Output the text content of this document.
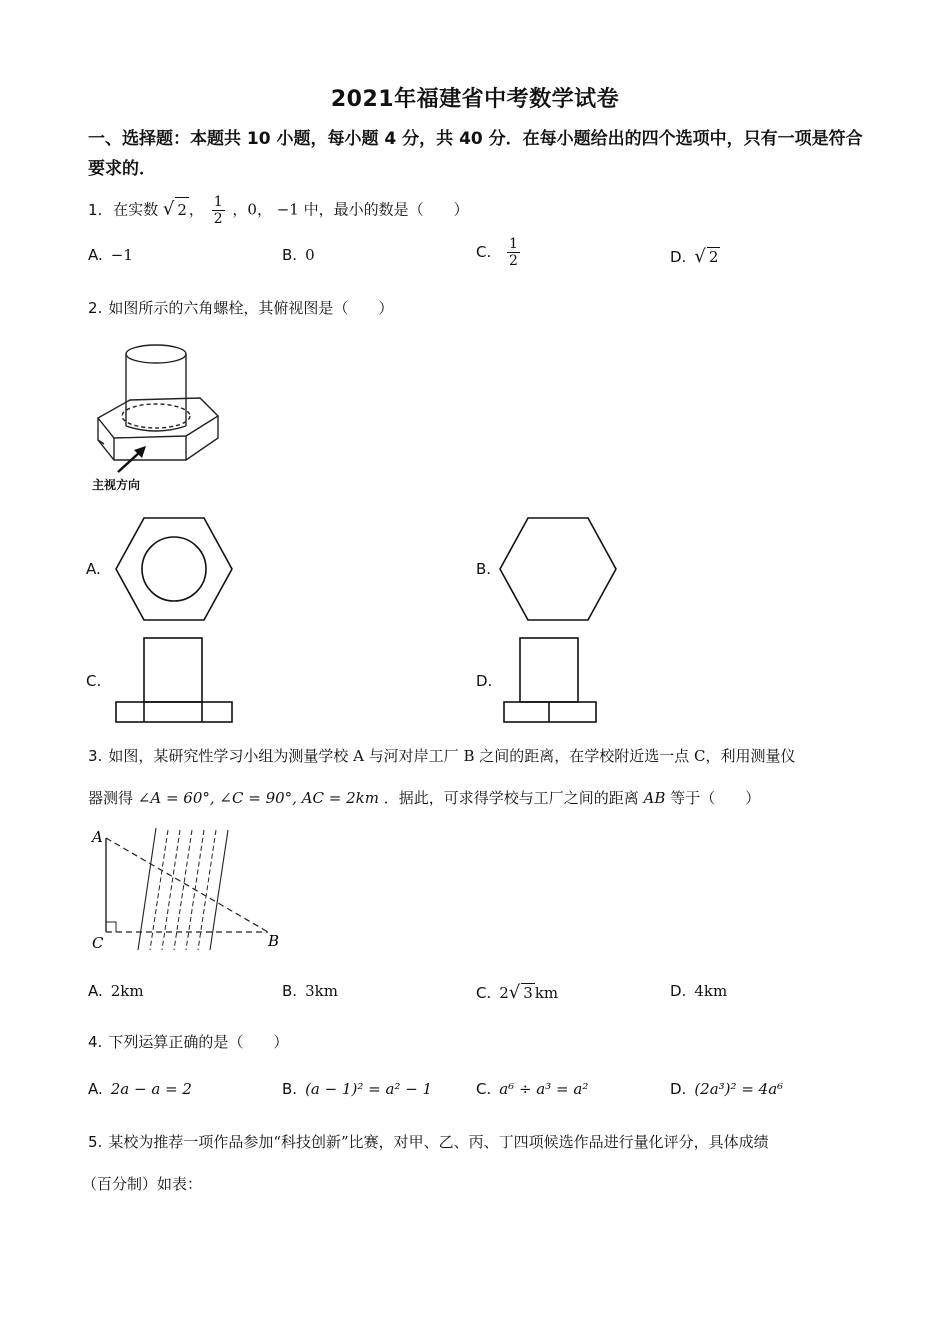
2021年福建省中考数学试卷
一、选择题：本题共 10 小题，每小题 4 分，共 40 分．在每小题给出的四个选项中，只有一项是符合要求的．
1. 在实数 √ 2 ， $\frac{1}{2}$ ，0， −1 中，最小的数是（　　）
A. −1	B. 0	C. $\frac{1}{2}$	D. √ 2
2. 如图所示的六角螺栓，其俯视图是（　　）
主视方向
A.	B.
C.	D.
3. 如图，某研究性学习小组为测量学校 A 与河对岸工厂 B 之间的距离，在学校附近选一点 C，利用测量仪
器测得 ∠A = 60°, ∠C = 90°, AC = 2km ．据此，可求得学校与工厂之间的距离 AB 等于（　　）
A
C	B
A. 2km	B. 3km	C. 2√ 3 km	D. 4km
4. 下列运算正确的是（　　）
A. 2a − a = 2	B. (a − 1)² = a² − 1	C. a⁶ ÷ a³ = a²	D. (2a³)² = 4a⁶
5. 某校为推荐一项作品参加“科技创新”比赛，对甲、乙、丙、丁四项候选作品进行量化评分，具体成绩
（百分制）如表：
